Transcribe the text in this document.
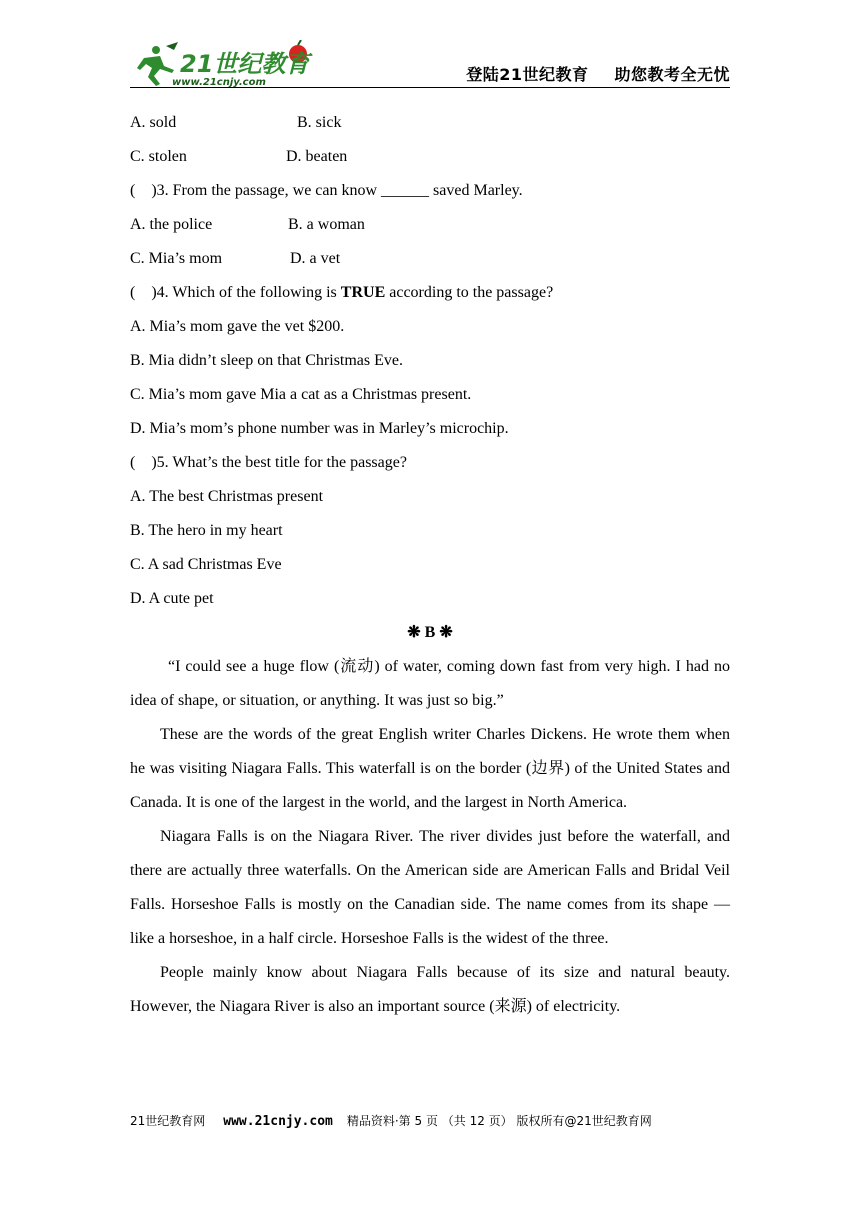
21世纪教育
www.21cnjy.com	登陆21世纪教育 助您教考全无忧
A. sold	B. sick
C. stolen	D. beaten
(    )3. From the passage, we can know ______ saved Marley.
A. the police	B. a woman
C. Mia’s mom	D. a vet
(    )4. Which of the following is TRUE according to the passage?
A. Mia’s mom gave the vet $200.
B. Mia didn’t sleep on that Christmas Eve.
C. Mia’s mom gave Mia a cat as a Christmas present.
D. Mia’s mom’s phone number was in Marley’s microchip.
(    )5. What’s the best title for the passage?
A. The best Christmas present
B. The hero in my heart
C. A sad Christmas Eve
D. A cute pet
❋ B ❋

“I could see a huge flow (流动) of water, coming down fast from very high. I had no idea of shape, or situation, or anything. It was just so big.”

These are the words of the great English writer Charles Dickens. He wrote them when he was visiting Niagara Falls. This waterfall is on the border (边界) of the United States and Canada. It is one of the largest in the world, and the largest in North America.

Niagara Falls is on the Niagara River. The river divides just before the waterfall, and there are actually three waterfalls. On the American side are American Falls and Bridal Veil Falls. Horseshoe Falls is mostly on the Canadian side. The name comes from its shape — like a horseshoe, in a half circle. Horseshoe Falls is the widest of the three.

People mainly know about Niagara Falls because of its size and natural beauty. However, the Niagara River is also an important source (来源) of electricity.

21世纪教育网 www.21cnjy.com 精品资料·第 5 页 （共 12 页） 版权所有@21世纪教育网
